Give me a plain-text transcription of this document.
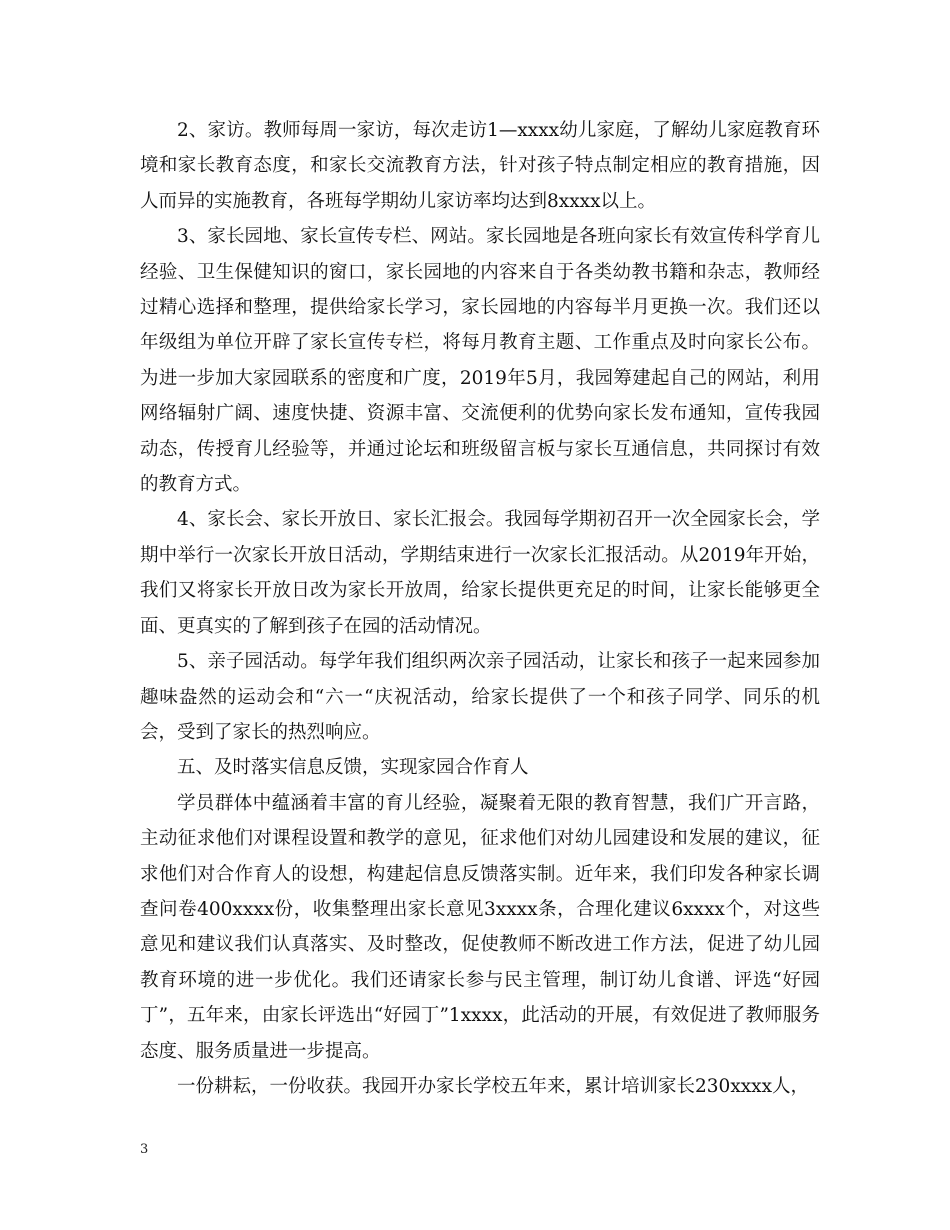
2、家访。教师每周一家访，每次走访1—xxxx幼儿家庭，了解幼儿家庭教育环境和家长教育态度，和家长交流教育方法，针对孩子特点制定相应的教育措施，因人而异的实施教育，各班每学期幼儿家访率均达到8xxxx以上。

3、家长园地、家长宣传专栏、网站。家长园地是各班向家长有效宣传科学育儿经验、卫生保健知识的窗口，家长园地的内容来自于各类幼教书籍和杂志，教师经过精心选择和整理，提供给家长学习，家长园地的内容每半月更换一次。我们还以年级组为单位开辟了家长宣传专栏，将每月教育主题、工作重点及时向家长公布。为进一步加大家园联系的密度和广度，2019年5月，我园筹建起自己的网站，利用网络辐射广阔、速度快捷、资源丰富、交流便利的优势向家长发布通知，宣传我园动态，传授育儿经验等，并通过论坛和班级留言板与家长互通信息，共同探讨有效的教育方式。

4、家长会、家长开放日、家长汇报会。我园每学期初召开一次全园家长会，学期中举行一次家长开放日活动，学期结束进行一次家长汇报活动。从2019年开始，我们又将家长开放日改为家长开放周，给家长提供更充足的时间，让家长能够更全面、更真实的了解到孩子在园的活动情况。

5、亲子园活动。每学年我们组织两次亲子园活动，让家长和孩子一起来园参加趣味盎然的运动会和“六一“庆祝活动，给家长提供了一个和孩子同学、同乐的机会，受到了家长的热烈响应。

五、及时落实信息反馈，实现家园合作育人

学员群体中蕴涵着丰富的育儿经验，凝聚着无限的教育智慧，我们广开言路，主动征求他们对课程设置和教学的意见，征求他们对幼儿园建设和发展的建议，征求他们对合作育人的设想，构建起信息反馈落实制。近年来，我们印发各种家长调查问卷400xxxx份，收集整理出家长意见3xxxx条，合理化建议6xxxx个，对这些意见和建议我们认真落实、及时整改，促使教师不断改进工作方法，促进了幼儿园教育环境的进一步优化。我们还请家长参与民主管理，制订幼儿食谱、评选“好园丁”，五年来，由家长评选出“好园丁”1xxxx，此活动的开展，有效促进了教师服务态度、服务质量进一步提高。

一份耕耘，一份收获。我园开办家长学校五年来，累计培训家长230xxxx人，

3
